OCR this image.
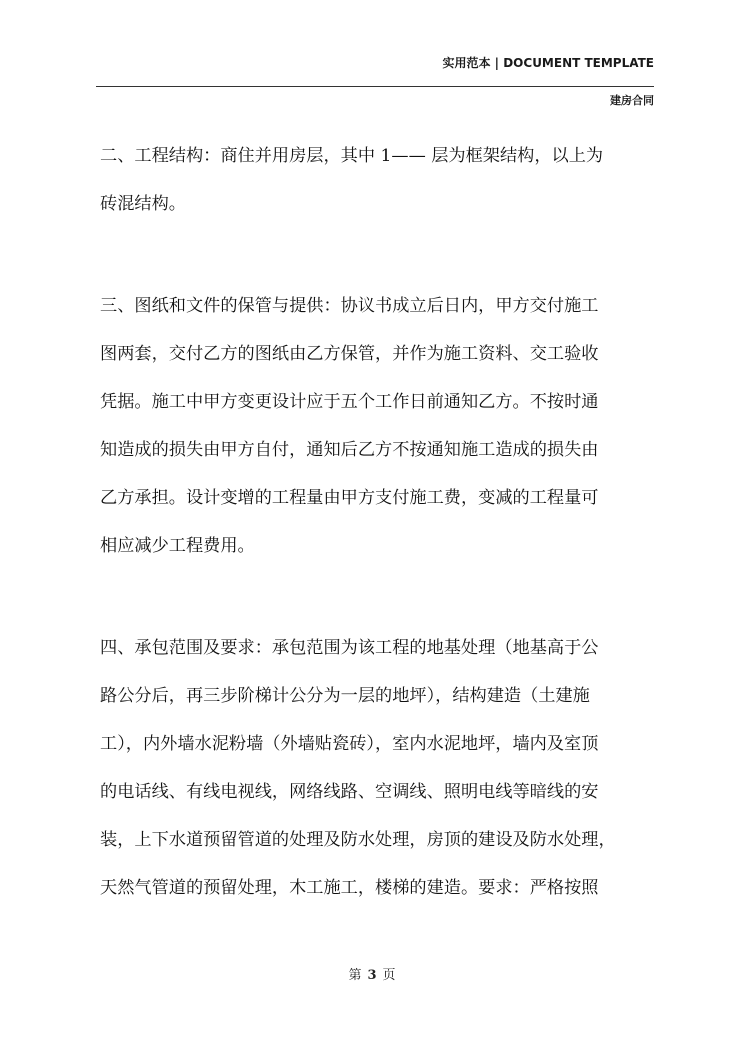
实用范本 | DOCUMENT TEMPLATE
建房合同

二、工程结构：商住并用房层，其中 1—— 层为框架结构，以上为
砖混结构。

三、图纸和文件的保管与提供：协议书成立后日内，甲方交付施工
图两套，交付乙方的图纸由乙方保管，并作为施工资料、交工验收
凭据。施工中甲方变更设计应于五个工作日前通知乙方。不按时通
知造成的损失由甲方自付，通知后乙方不按通知施工造成的损失由
乙方承担。设计变增的工程量由甲方支付施工费，变减的工程量可
相应减少工程费用。

四、承包范围及要求：承包范围为该工程的地基处理（地基高于公
路公分后，再三步阶梯计公分为一层的地坪），结构建造（土建施
工），内外墙水泥粉墙（外墙贴瓷砖），室内水泥地坪，墙内及室顶
的电话线、有线电视线，网络线路、空调线、照明电线等暗线的安
装，上下水道预留管道的处理及防水处理，房顶的建设及防水处理，
天然气管道的预留处理，木工施工，楼梯的建造。要求：严格按照

第 3 页
